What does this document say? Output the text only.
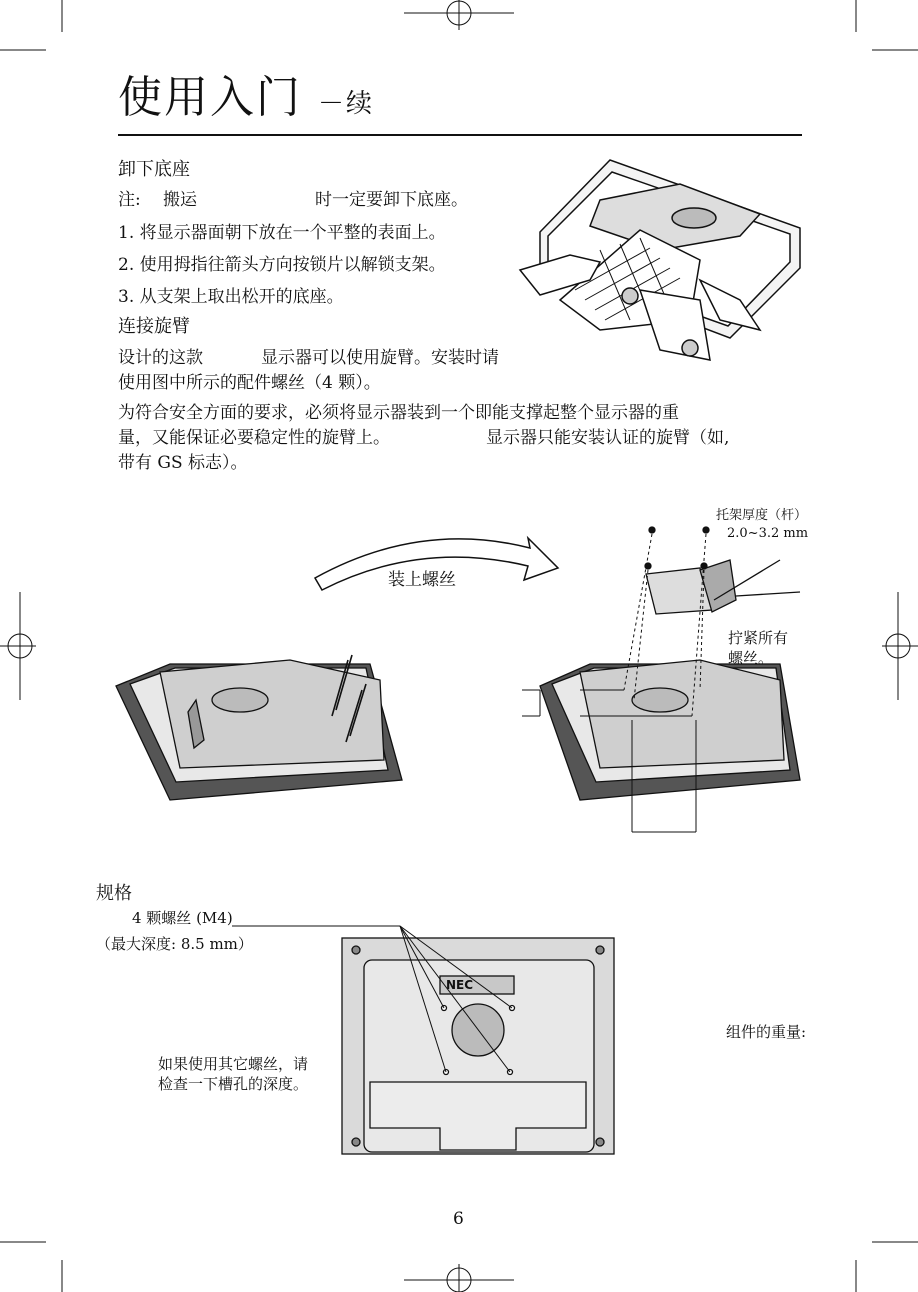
使用入门 －续
卸下底座
注: 搬运	时一定要卸下底座。
1. 将显示器面朝下放在一个平整的表面上。
2. 使用拇指往箭头方向按锁片以解锁支架。
3. 从支架上取出松开的底座。
连接旋臂
设计的这款	显示器可以使用旋臂。安装时请
使用图中所示的配件螺丝（4 颗）。
为符合安全方面的要求，必须将显示器装到一个即能支撑起整个显示器的重
量，又能保证必要稳定性的旋臂上。	显示器只能安装认证的旋臂（如,
带有 GS 标志）。
装上螺丝
托架厚度（杆）
2.0~3.2 mm
拧紧所有
螺丝。
规格
4 颗螺丝 (M4)
（最大深度: 8.5 mm）
如果使用其它螺丝，请
检查一下槽孔的深度。
组件的重量:
NEC
6
